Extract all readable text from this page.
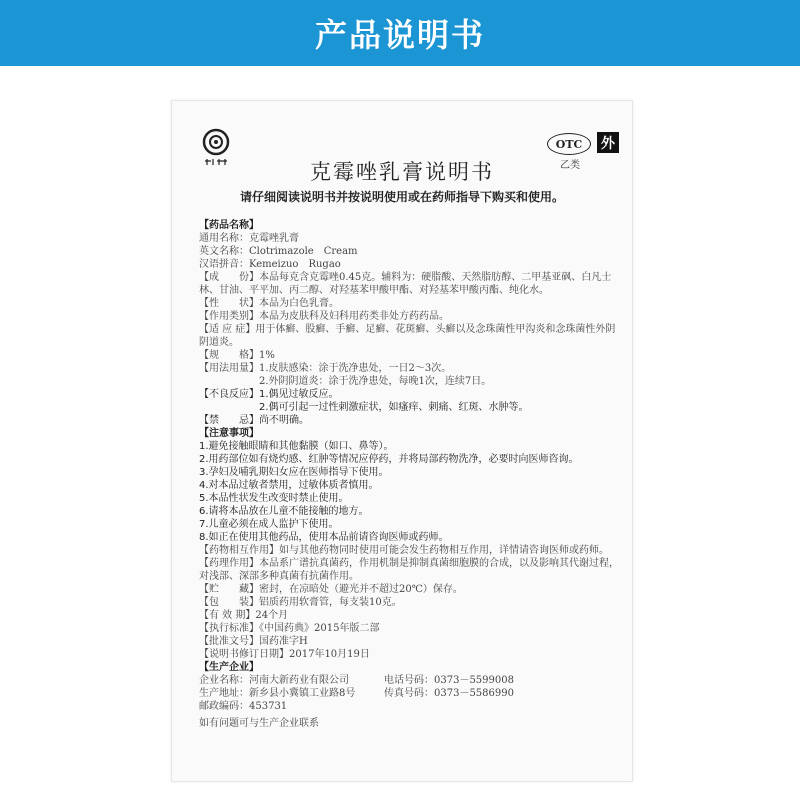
产品说明书
OTC	外
乙类
克霉唑乳膏说明书
请仔细阅读说明书并按说明使用或在药师指导下购买和使用。
【药品名称】
通用名称：克霉唑乳膏
英文名称：Clotrimazole　Cream
汉语拼音：Kemeizuo　Rugao
【成　　份】本品每克含克霉唑0.45克。辅料为：硬脂酸、天然脂肪醇、二甲基亚砜、白凡士
林、甘油、平平加、丙二醇、对羟基苯甲酸甲酯、对羟基苯甲酸丙酯、纯化水。
【性　　状】本品为白色乳膏。
【作用类别】本品为皮肤科及妇科用药类非处方药药品。
【适 应 症】用于体癣、股癣、手癣、足癣、花斑癣、头癣以及念珠菌性甲沟炎和念珠菌性外阴
阴道炎。
【规　　格】1%
【用法用量】1.皮肤感染：涂于洗净患处，一日2～3次。
2.外阴阴道炎：涂于洗净患处，每晚1次，连续7日。
【不良反应】1.偶见过敏反应。
2.偶可引起一过性刺激症状，如瘙痒、刺痛、红斑、水肿等。
【禁　　忌】尚不明确。
【注意事项】
1.避免接触眼睛和其他黏膜（如口、鼻等）。
2.用药部位如有烧灼感、红肿等情况应停药，并将局部药物洗净，必要时向医师咨询。
3.孕妇及哺乳期妇女应在医师指导下使用。
4.对本品过敏者禁用，过敏体质者慎用。
5.本品性状发生改变时禁止使用。
6.请将本品放在儿童不能接触的地方。
7.儿童必须在成人监护下使用。
8.如正在使用其他药品，使用本品前请咨询医师或药师。
【药物相互作用】如与其他药物同时使用可能会发生药物相互作用，详情请咨询医师或药师。
【药理作用】本品系广谱抗真菌药，作用机制是抑制真菌细胞膜的合成，以及影响其代谢过程，
对浅部、深部多种真菌有抗菌作用。
【贮　　藏】密封，在凉暗处（避光并不超过20℃）保存。
【包　　装】铝质药用软膏管，每支装10克。
【有 效 期】24个月
【执行标准】《中国药典》2015年版二部
【批准文号】国药准字H
【说明书修订日期】2017年10月19日
【生产企业】
企业名称：河南大新药业有限公司	电话号码：0373－5599008
生产地址：新乡县小冀镇工业路8号	传真号码：0373－5586990
邮政编码：453731
如有问题可与生产企业联系
